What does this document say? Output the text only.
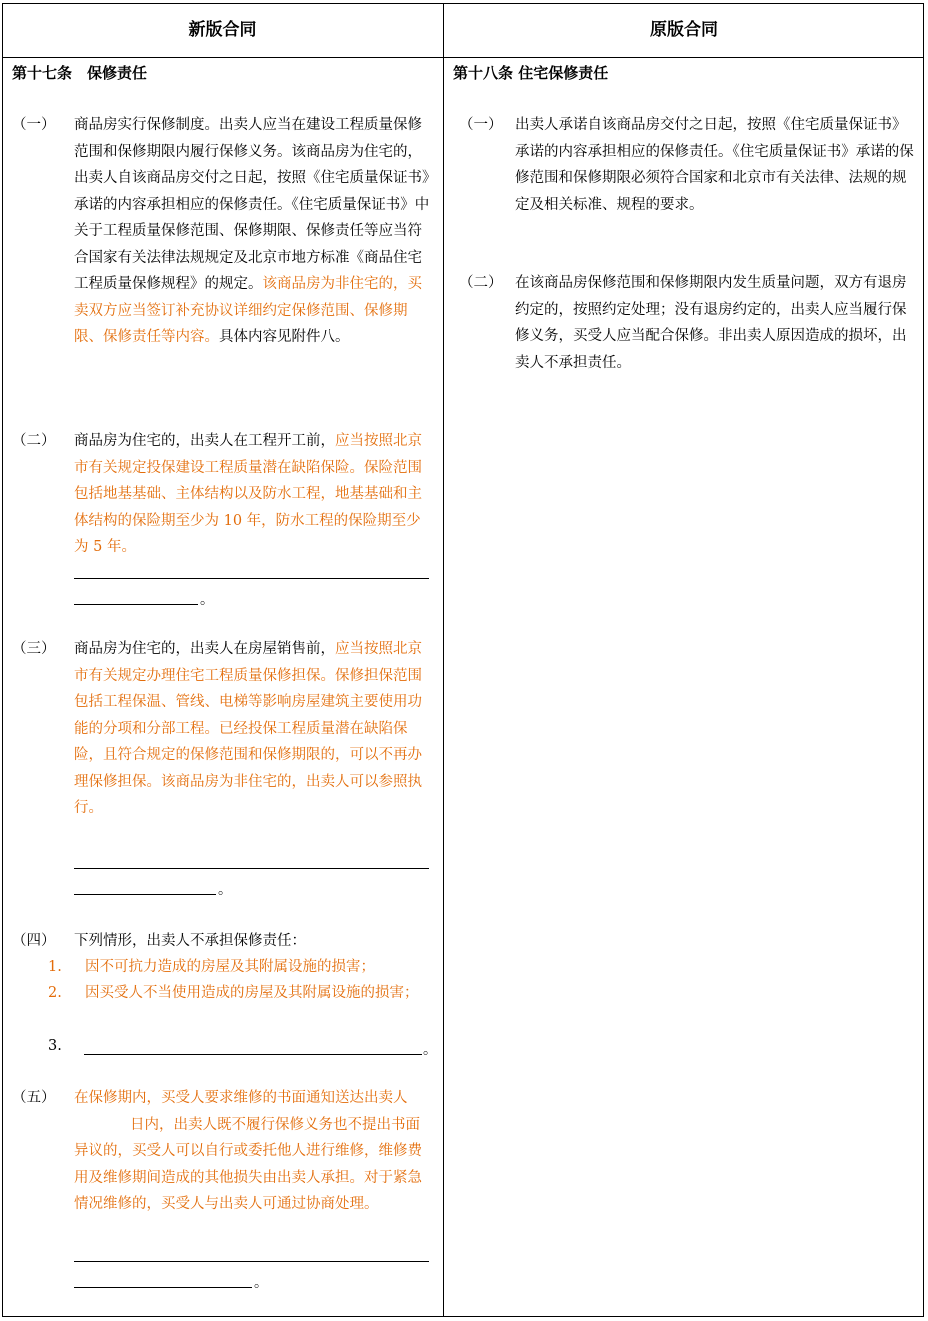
新版合同	原版合同
第十七条　保修责任
（一） 商品房实行保修制度。出卖人应当在建设工程质量保修范围和保修期限内履行保修义务。该商品房为住宅的，出卖人自该商品房交付之日起，按照《住宅质量保证书》承诺的内容承担相应的保修责任。《住宅质量保证书》中关于工程质量保修范围、保修期限、保修责任等应当符合国家有关法律法规规定及北京市地方标准《商品住宅工程质量保修规程》的规定。该商品房为非住宅的，买卖双方应当签订补充协议详细约定保修范围、保修期限、保修责任等内容。具体内容见附件八。
（二） 商品房为住宅的，出卖人在工程开工前，应当按照北京市有关规定投保建设工程质量潜在缺陷保险。保险范围包括地基基础、主体结构以及防水工程，地基基础和主体结构的保险期至少为 10 年，防水工程的保险期至少为 5 年。
。
（三） 商品房为住宅的，出卖人在房屋销售前，应当按照北京市有关规定办理住宅工程质量保修担保。保修担保范围包括工程保温、管线、电梯等影响房屋建筑主要使用功能的分项和分部工程。已经投保工程质量潜在缺陷保险，且符合规定的保修范围和保修期限的，可以不再办理保修担保。该商品房为非住宅的，出卖人可以参照执行。
。
（四） 下列情形，出卖人不承担保修责任：
1. 因不可抗力造成的房屋及其附属设施的损害；
2. 因买受人不当使用造成的房屋及其附属设施的损害；
3.	。
（五） 在保修期内，买受人要求维修的书面通知送达出卖人日内，出卖人既不履行保修义务也不提出书面异议的，买受人可以自行或委托他人进行维修，维修费用及维修期间造成的其他损失由出卖人承担。对于紧急情况维修的，买受人与出卖人可通过协商处理。
。
第十八条 住宅保修责任
（一） 出卖人承诺自该商品房交付之日起，按照《住宅质量保证书》承诺的内容承担相应的保修责任。《住宅质量保证书》承诺的保修范围和保修期限必须符合国家和北京市有关法律、法规的规定及相关标准、规程的要求。
（二） 在该商品房保修范围和保修期限内发生质量问题，双方有退房约定的，按照约定处理；没有退房约定的，出卖人应当履行保修义务，买受人应当配合保修。非出卖人原因造成的损坏，出卖人不承担责任。
